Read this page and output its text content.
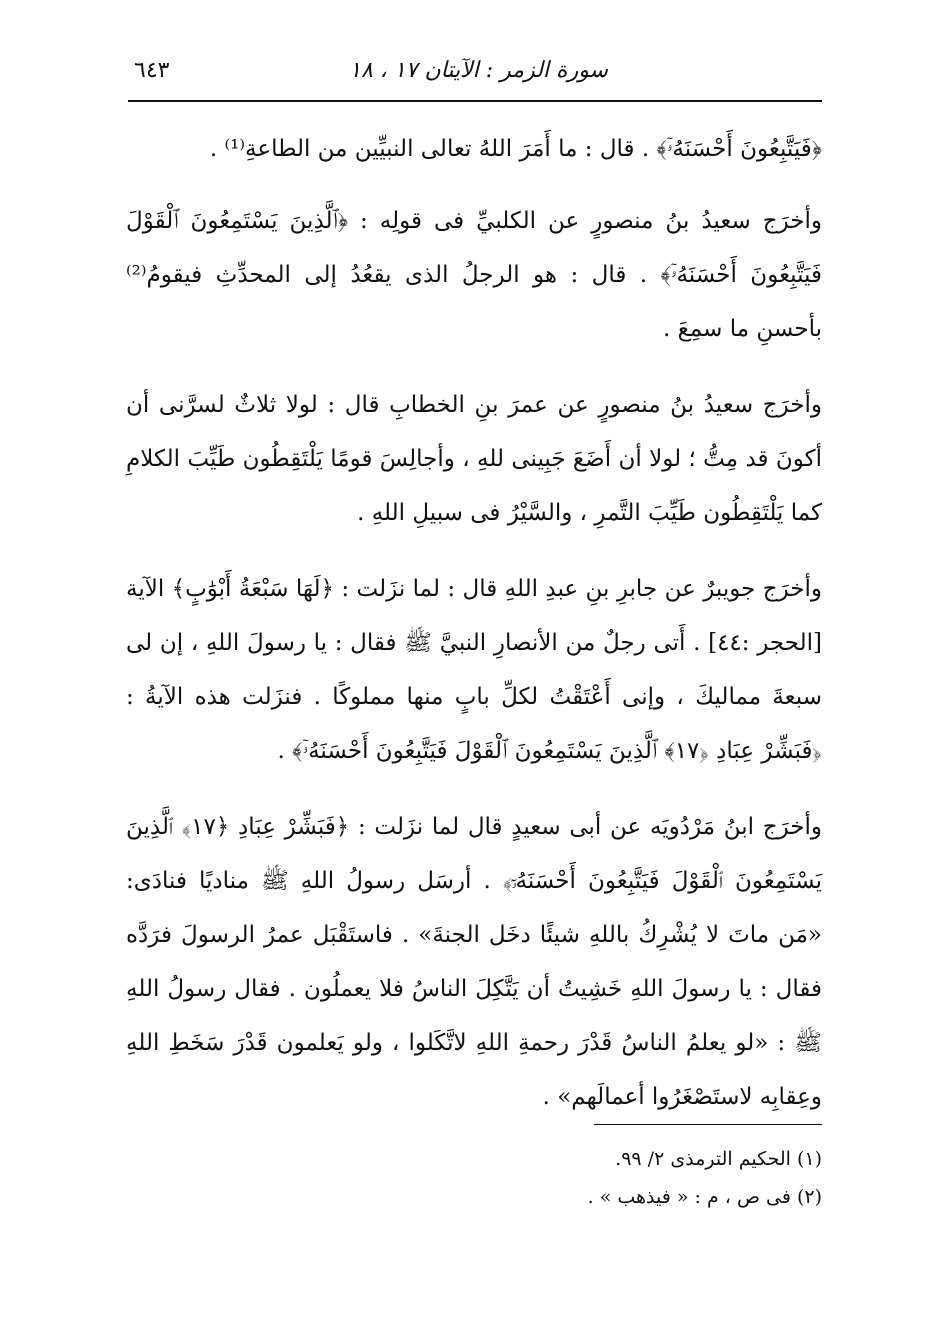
سورة الزمر : الآيتان ١٧ ، ١٨
٦٤٣

﴿فَيَتَّبِعُونَ أَحْسَنَهُۥٓ﴾ . قال : ما أَمَرَ اللهُ تعالى النبيِّين من الطاعةِ⁽¹⁾ .

وأخرَج سعيدُ بنُ منصورٍ عن الكلبيِّ فى قولِه : ﴿ٱلَّذِينَ يَسْتَمِعُونَ ٱلْقَوْلَ فَيَتَّبِعُونَ أَحْسَنَهُۥٓ﴾ . قال : هو الرجلُ الذى يقعُدُ إلى المحدِّثِ فيقومُ⁽²⁾ بأحسنِ ما سمِعَ .

وأخرَج سعيدُ بنُ منصورٍ عن عمرَ بنِ الخطابِ قال : لولا ثلاثٌ لسرَّنى أن أكونَ قد مِتُّ ؛ لولا أن أَضَعَ جَبِينى للهِ ، وأجالِسَ قومًا يَلْتَقِطُون طَيِّبَ الكلامِ كما يَلْتَقِطُون طَيِّبَ التَّمرِ ، والسَّيْرُ فى سبيلِ اللهِ .

وأخرَج جويبرٌ عن جابرِ بنِ عبدِ اللهِ قال : لما نزَلت : ﴿لَهَا سَبْعَةُ أَبْوَٰبٍ﴾ الآية [الحجر :٤٤] . أَتى رجلٌ من الأنصارِ النبيَّ ﷺ فقال : يا رسولَ اللهِ ، إن لى سبعةَ مماليكَ ، وإنى أَعْتَقْتُ لكلِّ بابٍ منها مملوكًا . فنزَلت هذه الآيةُ : ﴿فَبَشِّرْ عِبَادِ ﴿١٧﴾ ٱلَّذِينَ يَسْتَمِعُونَ ٱلْقَوْلَ فَيَتَّبِعُونَ أَحْسَنَهُۥٓ﴾ .

وأخرَج ابنُ مَرْدُويَه عن أبى سعيدٍ قال لما نزَلت : ﴿فَبَشِّرْ عِبَادِ ﴿١٧﴾ ٱلَّذِينَ يَسْتَمِعُونَ ٱلْقَوْلَ فَيَتَّبِعُونَ أَحْسَنَهُۥٓ﴾ . أرسَل رسولُ اللهِ ﷺ مناديًا فنادَى: «مَن ماتَ لا يُشْرِكُ باللهِ شيئًا دخَل الجنةَ» . فاستَقْبَل عمرُ الرسولَ فرَدَّه فقال : يا رسولَ اللهِ خَشِيتُ أن يَتَّكِلَ الناسُ فلا يعملُون . فقال رسولُ اللهِ ﷺ : «لو يعلمُ الناسُ قَدْرَ رحمةِ اللهِ لاتَّكَلوا ، ولو يَعلمون قَدْرَ سَخَطِ اللهِ وعِقابِه لاستَصْغَرُوا أعمالَهم» .

(١) الحكيم الترمذى ٢/ ٩٩.
(٢) فى ص ، م : « فيذهب » .
